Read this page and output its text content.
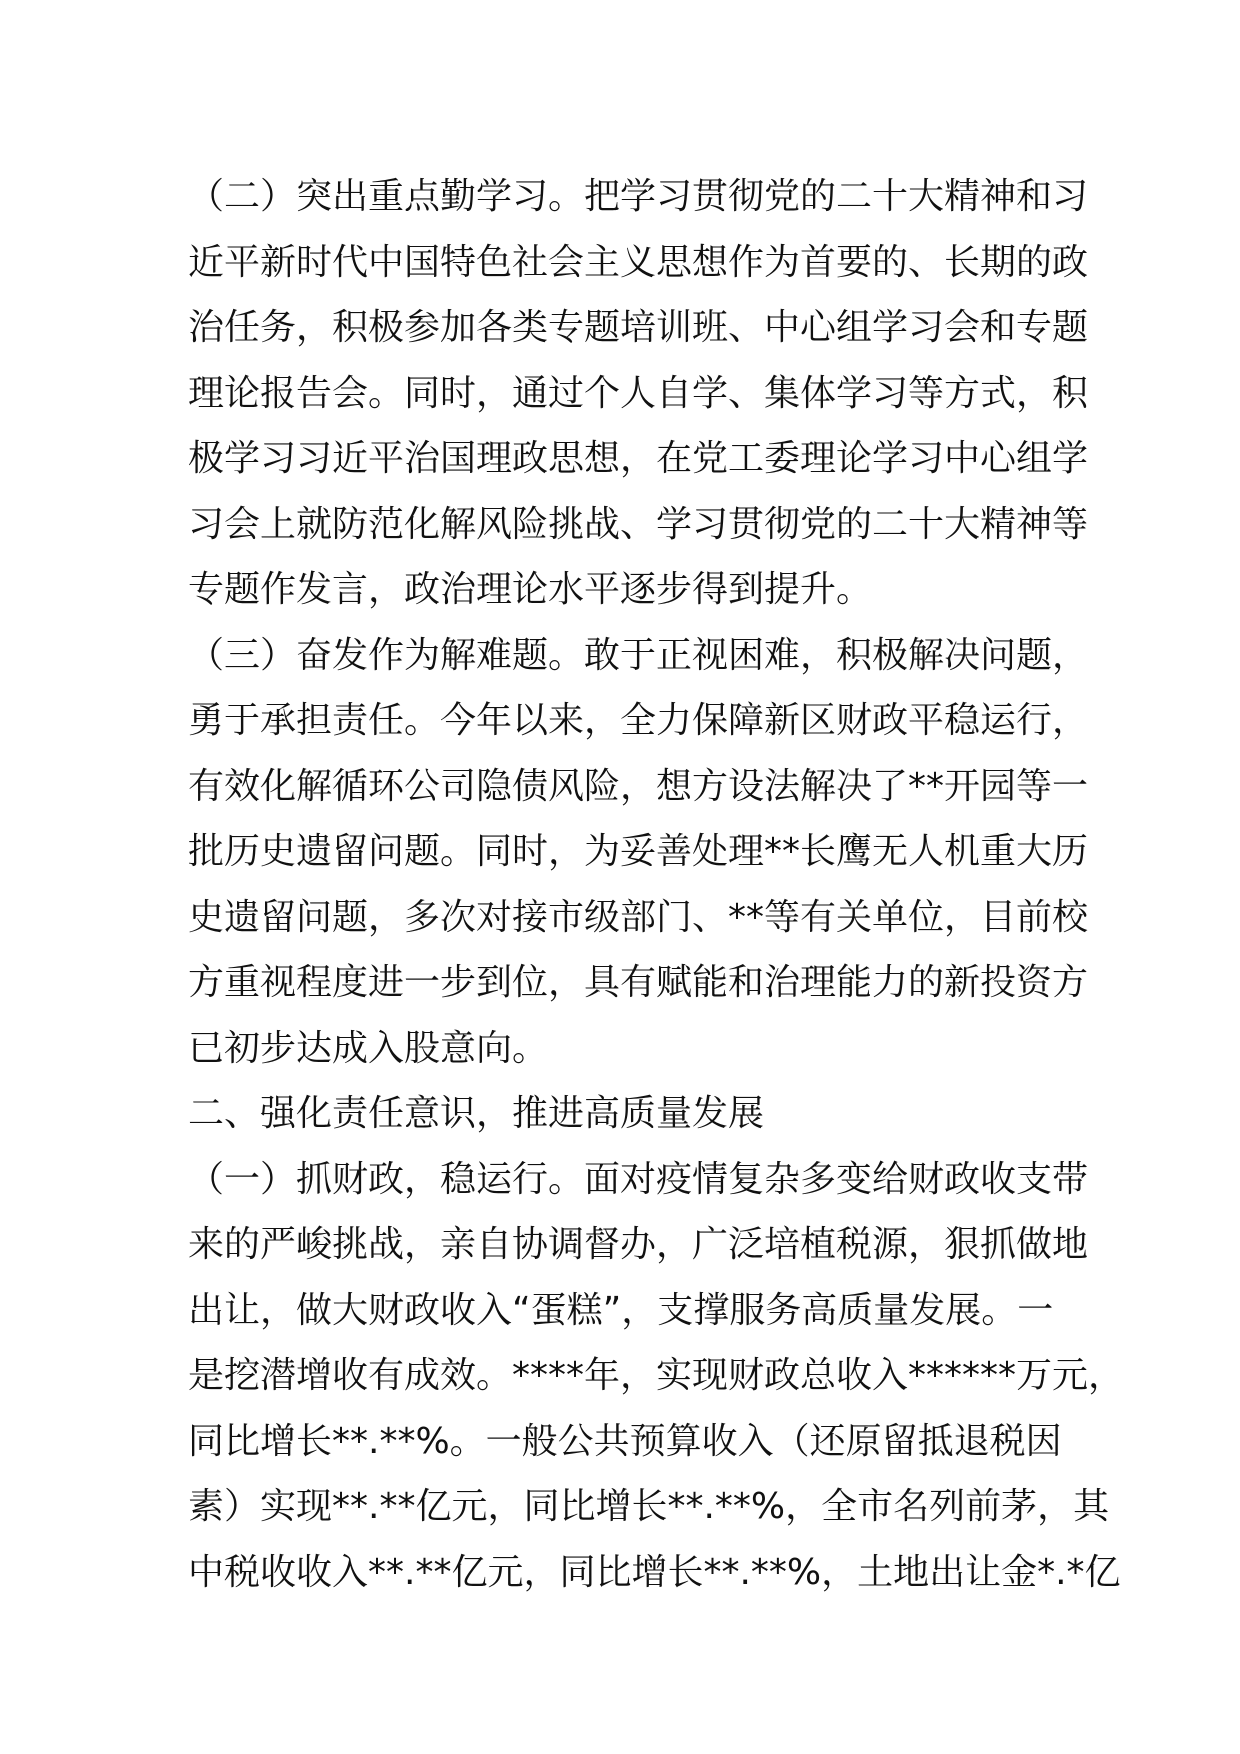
（二）突出重点勤学习。把学习贯彻党的二十大精神和习
近平新时代中国特色社会主义思想作为首要的、长期的政
治任务，积极参加各类专题培训班、中心组学习会和专题
理论报告会。同时，通过个人自学、集体学习等方式，积
极学习习近平治国理政思想，在党工委理论学习中心组学
习会上就防范化解风险挑战、学习贯彻党的二十大精神等
专题作发言，政治理论水平逐步得到提升。
（三）奋发作为解难题。敢于正视困难，积极解决问题，
勇于承担责任。今年以来，全力保障新区财政平稳运行，
有效化解循环公司隐债风险，想方设法解决了**开园等一
批历史遗留问题。同时，为妥善处理**长鹰无人机重大历
史遗留问题，多次对接市级部门、**等有关单位，目前校
方重视程度进一步到位，具有赋能和治理能力的新投资方
已初步达成入股意向。
二、强化责任意识，推进高质量发展
（一）抓财政，稳运行。面对疫情复杂多变给财政收支带
来的严峻挑战，亲自协调督办，广泛培植税源，狠抓做地
出让，做大财政收入“蛋糕”，支撑服务高质量发展。一
是挖潜增收有成效。****年，实现财政总收入******万元，
同比增长**.**%。一般公共预算收入（还原留抵退税因
素）实现**.**亿元，同比增长**.**%，全市名列前茅，其
中税收收入**.**亿元，同比增长**.**%，土地出让金*.*亿
